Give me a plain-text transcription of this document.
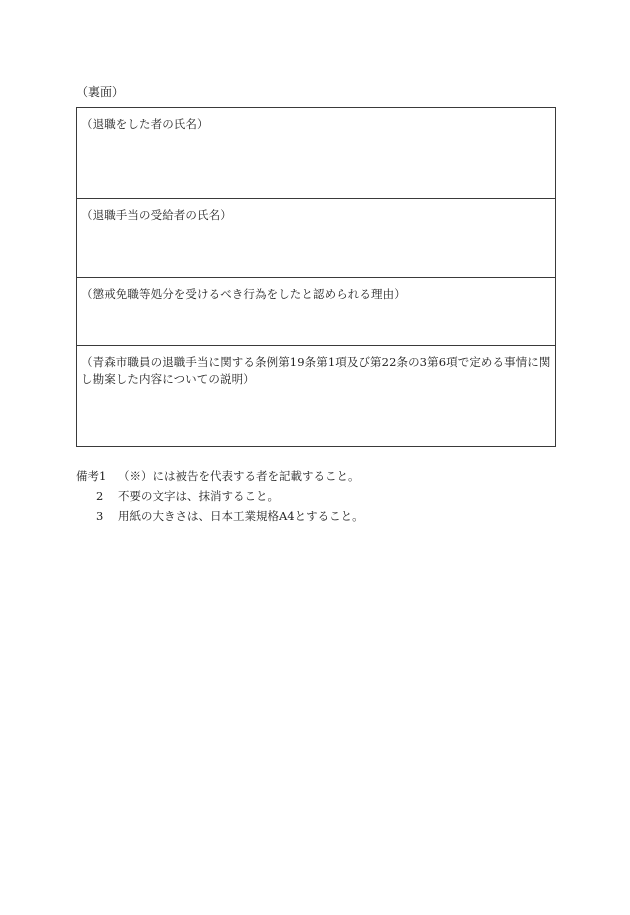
（裏面）
（退職をした者の氏名）
（退職手当の受給者の氏名）
（懲戒免職等処分を受けるべき行為をしたと認められる理由）
（青森市職員の退職手当に関する条例第19条第1項及び第22条の3第6項で定める事情に関し勘案した内容についての説明）
備考1 （※）には被告を代表する者を記載すること。
2 不要の文字は、抹消すること。
3 用紙の大きさは、日本工業規格A4とすること。
